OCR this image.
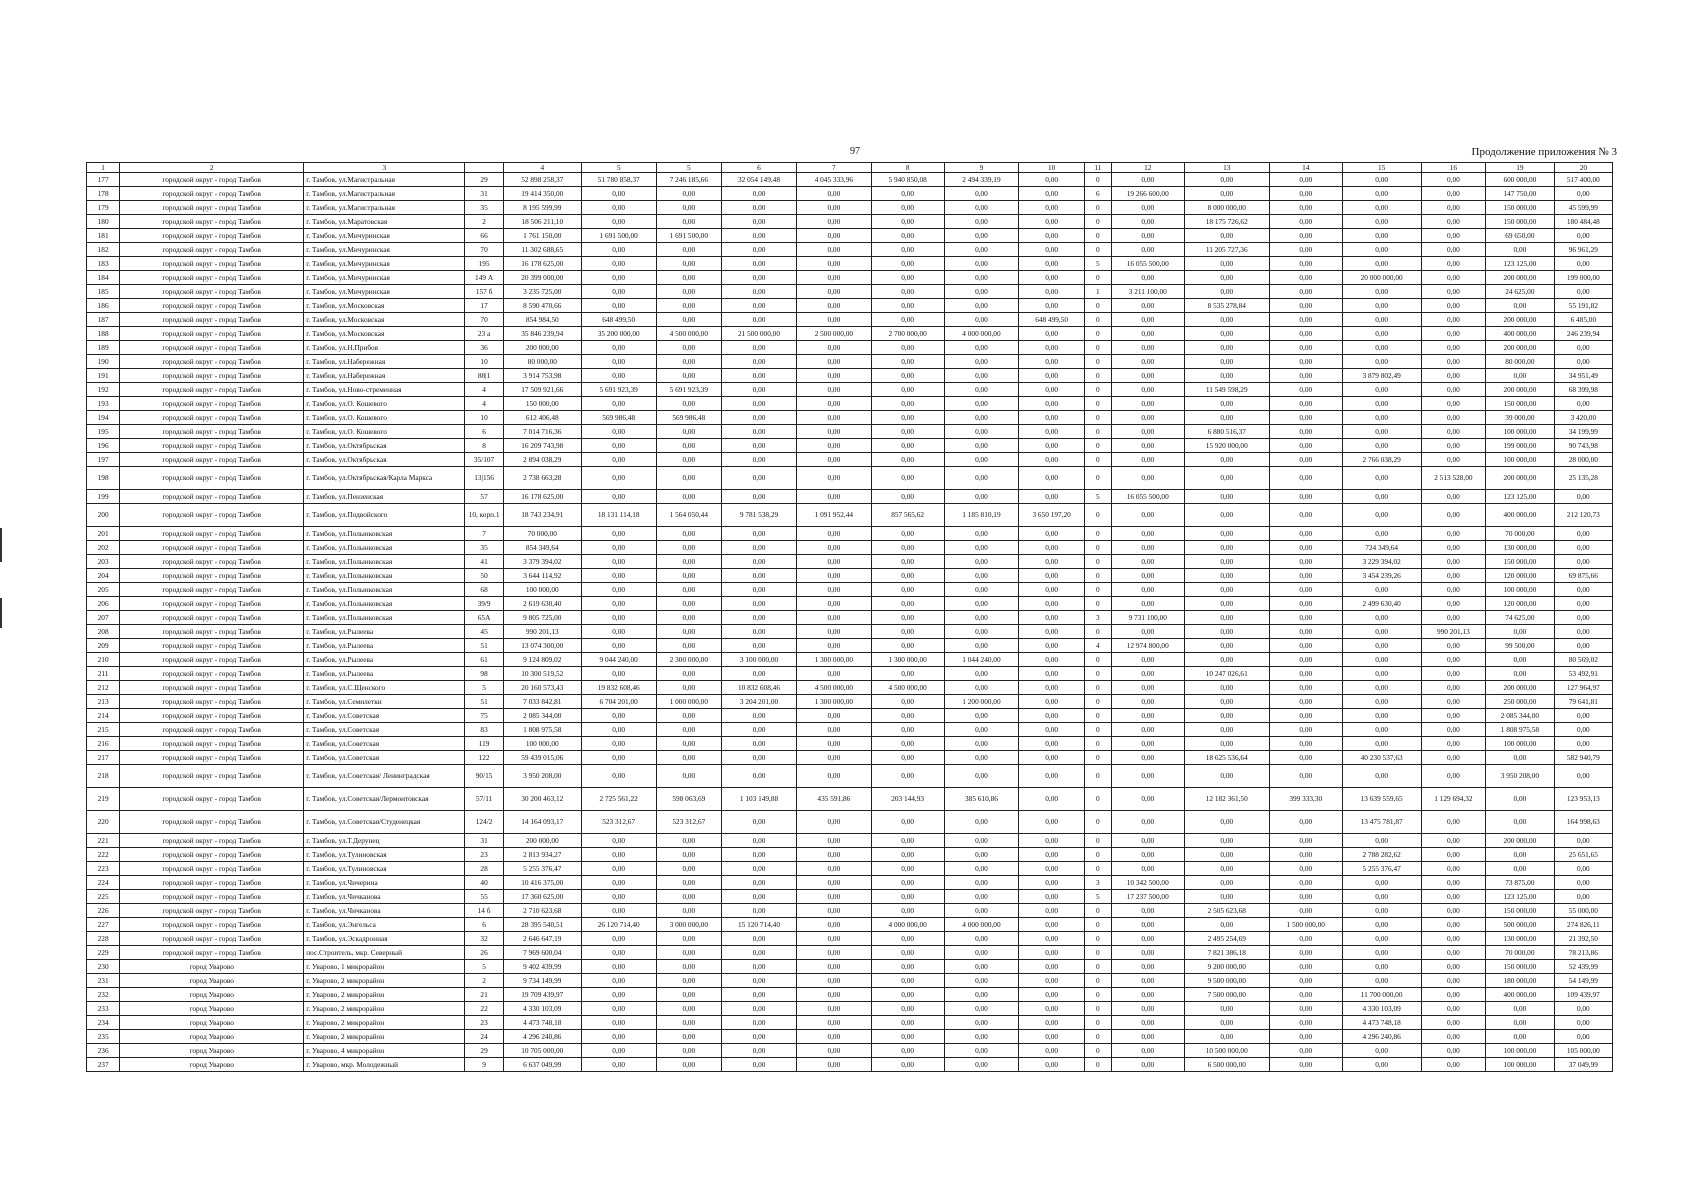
97	Продолжение приложения № 3
1	2	3		4	5	5	6	7	8	9	10	11	12	13	14	15	16	19	20
177	городской округ - город Тамбов	г. Тамбов, ул.Магистральная	29	52 898 258,37	51 780 858,37	7 246 185,66	32 054 149,48	4 045 333,96	5 940 850,08	2 494 339,19	0,00	0	0,00	0,00	0,00	0,00	0,00	600 000,00	517 400,00
178	городской округ - город Тамбов	г. Тамбов, ул.Магистральная	31	19 414 350,00	0,00	0,00	0,00	0,00	0,00	0,00	0,00	6	19 266 600,00	0,00	0,00	0,00	0,00	147 750,00	0,00
179	городской округ - город Тамбов	г. Тамбов, ул.Магистральная	35	8 195 599,99	0,00	0,00	0,00	0,00	0,00	0,00	0,00	0	0,00	8 000 000,00	0,00	0,00	0,00	150 000,00	45 599,99
180	городской округ - город Тамбов	г. Тамбов, ул.Маратовская	2	18 506 211,10	0,00	0,00	0,00	0,00	0,00	0,00	0,00	0	0,00	18 175 726,62	0,00	0,00	0,00	150 000,00	180 484,48
181	городской округ - город Тамбов	г. Тамбов, ул.Мичуринская	66	1 761 150,00	1 691 500,00	1 691 500,00	0,00	0,00	0,00	0,00	0,00	0	0,00	0,00	0,00	0,00	0,00	69 650,00	0,00
182	городской округ - город Тамбов	г. Тамбов, ул.Мичуринская	70	11 302 688,65	0,00	0,00	0,00	0,00	0,00	0,00	0,00	0	0,00	11 205 727,36	0,00	0,00	0,00	0,00	96 961,29
183	городской округ - город Тамбов	г. Тамбов, ул.Мичуринская	195	16 178 625,00	0,00	0,00	0,00	0,00	0,00	0,00	0,00	5	16 055 500,00	0,00	0,00	0,00	0,00	123 125,00	0,00
184	городской округ - город Тамбов	г. Тамбов, ул.Мичуринская	149 А	20 399 000,00	0,00	0,00	0,00	0,00	0,00	0,00	0,00	0	0,00	0,00	0,00	20 000 000,00	0,00	200 000,00	199 000,00
185	городской округ - город Тамбов	г. Тамбов, ул.Мичуринская	157 б	3 235 725,00	0,00	0,00	0,00	0,00	0,00	0,00	0,00	1	3 211 100,00	0,00	0,00	0,00	0,00	24 625,00	0,00
186	городской округ - город Тамбов	г. Тамбов, ул.Московская	17	8 590 470,66	0,00	0,00	0,00	0,00	0,00	0,00	0,00	0	0,00	8 535 278,84	0,00	0,00	0,00	0,00	55 191,82
187	городской округ - город Тамбов	г. Тамбов, ул.Московская	70	854 984,50	648 499,50	0,00	0,00	0,00	0,00	0,00	648 499,50	0	0,00	0,00	0,00	0,00	0,00	200 000,00	6 485,00
188	городской округ - город Тамбов	г. Тамбов, ул.Московская	23 а	35 846 239,94	35 200 000,00	4 500 000,00	21 500 000,00	2 500 000,00	2 700 000,00	4 000 000,00	0,00	0	0,00	0,00	0,00	0,00	0,00	400 000,00	246 239,94
189	городской округ - город Тамбов	г. Тамбов, ул.Н.Прибоя	36	200 000,00	0,00	0,00	0,00	0,00	0,00	0,00	0,00	0	0,00	0,00	0,00	0,00	0,00	200 000,00	0,00
190	городской округ - город Тамбов	г. Тамбов, ул.Набережная	10	80 000,00	0,00	0,00	0,00	0,00	0,00	0,00	0,00	0	0,00	0,00	0,00	0,00	0,00	80 000,00	0,00
191	городской округ - город Тамбов	г. Тамбов, ул.Набережная	88|1	3 914 753,98	0,00	0,00	0,00	0,00	0,00	0,00	0,00	0	0,00	0,00	0,00	3 879 802,49	0,00	0,00	34 951,49
192	городской округ - город Тамбов	г. Тамбов, ул.Ново-стременная	4	17 509 921,66	5 691 923,39	5 691 923,39	0,00	0,00	0,00	0,00	0,00	0	0,00	11 549 598,29	0,00	0,00	0,00	200 000,00	68 399,98
193	городской округ - город Тамбов	г. Тамбов, ул.О. Кошевого	4	150 000,00	0,00	0,00	0,00	0,00	0,00	0,00	0,00	0	0,00	0,00	0,00	0,00	0,00	150 000,00	0,00
194	городской округ - город Тамбов	г. Тамбов, ул.О. Кошевого	10	612 406,48	569 986,48	569 986,48	0,00	0,00	0,00	0,00	0,00	0	0,00	0,00	0,00	0,00	0,00	39 000,00	3 420,00
195	городской округ - город Тамбов	г. Тамбов, ул.О. Кошевого	6	7 014 716,36	0,00	0,00	0,00	0,00	0,00	0,00	0,00	0	0,00	6 880 516,37	0,00	0,00	0,00	100 000,00	34 199,99
196	городской округ - город Тамбов	г. Тамбов, ул.Октябрьская	8	16 209 743,98	0,00	0,00	0,00	0,00	0,00	0,00	0,00	0	0,00	15 920 000,00	0,00	0,00	0,00	199 000,00	90 743,98
197	городской округ - город Тамбов	г. Тамбов, ул.Октябрьская	35/107	2 894 038,29	0,00	0,00	0,00	0,00	0,00	0,00	0,00	0	0,00	0,00	0,00	2 766 038,29	0,00	100 000,00	28 000,00
198	городской округ - город Тамбов	г. Тамбов, ул.Октябрьская/Карла Маркса	13|156	2 738 663,28	0,00	0,00	0,00	0,00	0,00	0,00	0,00	0	0,00	0,00	0,00	0,00	2 513 528,00	200 000,00	25 135,28
199	городской округ - город Тамбов	г. Тамбов, ул.Пензенская	57	16 178 625,00	0,00	0,00	0,00	0,00	0,00	0,00	0,00	5	16 055 500,00	0,00	0,00	0,00	0,00	123 125,00	0,00
200	городской округ - город Тамбов	г. Тамбов, ул.Подвойского	10, корп.1	18 743 234,91	18 131 114,18	1 564 050,44	9 781 538,29	1 091 952,44	857 565,62	1 185 810,19	3 650 197,20	0	0,00	0,00	0,00	0,00	0,00	400 000,00	212 120,73
201	городской округ - город Тамбов	г. Тамбов, ул.Полынковская	7	70 000,00	0,00	0,00	0,00	0,00	0,00	0,00	0,00	0	0,00	0,00	0,00	0,00	0,00	70 000,00	0,00
202	городской округ - город Тамбов	г. Тамбов, ул.Полынковская	35	854 349,64	0,00	0,00	0,00	0,00	0,00	0,00	0,00	0	0,00	0,00	0,00	724 349,64	0,00	130 000,00	0,00
203	городской округ - город Тамбов	г. Тамбов, ул.Полынковская	41	3 379 394,02	0,00	0,00	0,00	0,00	0,00	0,00	0,00	0	0,00	0,00	0,00	3 229 394,02	0,00	150 000,00	0,00
204	городской округ - город Тамбов	г. Тамбов, ул.Полынковская	50	3 644 114,92	0,00	0,00	0,00	0,00	0,00	0,00	0,00	0	0,00	0,00	0,00	3 454 239,26	0,00	120 000,00	69 875,66
205	городской округ - город Тамбов	г. Тамбов, ул.Полынковская	68	100 000,00	0,00	0,00	0,00	0,00	0,00	0,00	0,00	0	0,00	0,00	0,00	0,00	0,00	100 000,00	0,00
206	городской округ - город Тамбов	г. Тамбов, ул.Полынковская	39/9	2 619 630,40	0,00	0,00	0,00	0,00	0,00	0,00	0,00	0	0,00	0,00	0,00	2 499 630,40	0,00	120 000,00	0,00
207	городской округ - город Тамбов	г. Тамбов, ул.Полынковская	65А	9 805 725,00	0,00	0,00	0,00	0,00	0,00	0,00	0,00	3	9 731 100,00	0,00	0,00	0,00	0,00	74 625,00	0,00
208	городской округ - город Тамбов	г. Тамбов, ул.Рылеева	45	990 201,13	0,00	0,00	0,00	0,00	0,00	0,00	0,00	0	0,00	0,00	0,00	0,00	990 201,13	0,00	0,00
209	городской округ - город Тамбов	г. Тамбов, ул.Рылеева	51	13 074 300,00	0,00	0,00	0,00	0,00	0,00	0,00	0,00	4	12 974 800,00	0,00	0,00	0,00	0,00	99 500,00	0,00
210	городской округ - город Тамбов	г. Тамбов, ул.Рылеева	61	9 124 809,02	9 044 240,00	2 300 000,00	3 100 000,00	1 300 000,00	1 300 000,00	1 044 240,00	0,00	0	0,00	0,00	0,00	0,00	0,00	0,00	80 569,02
211	городской округ - город Тамбов	г. Тамбов, ул.Рылеева	98	10 300 519,52	0,00	0,00	0,00	0,00	0,00	0,00	0,00	0	0,00	10 247 026,61	0,00	0,00	0,00	0,00	53 492,91
212	городской округ - город Тамбов	г. Тамбов, ул.С.Щенского	5	20 160 573,43	19 832 608,46	0,00	10 832 608,46	4 500 000,00	4 500 000,00	0,00	0,00	0	0,00	0,00	0,00	0,00	0,00	200 000,00	127 964,97
213	городской округ - город Тамбов	г. Тамбов, ул.Семилетки	51	7 033 842,81	6 704 201,00	1 000 000,00	3 204 201,00	1 300 000,00	0,00	1 200 000,00	0,00	0	0,00	0,00	0,00	0,00	0,00	250 000,00	79 641,81
214	городской округ - город Тамбов	г. Тамбов, ул.Советская	75	2 085 344,00	0,00	0,00	0,00	0,00	0,00	0,00	0,00	0	0,00	0,00	0,00	0,00	0,00	2 085 344,00	0,00
215	городской округ - город Тамбов	г. Тамбов, ул.Советская	83	1 808 975,58	0,00	0,00	0,00	0,00	0,00	0,00	0,00	0	0,00	0,00	0,00	0,00	0,00	1 808 975,58	0,00
216	городской округ - город Тамбов	г. Тамбов, ул.Советская	119	100 000,00	0,00	0,00	0,00	0,00	0,00	0,00	0,00	0	0,00	0,00	0,00	0,00	0,00	100 000,00	0,00
217	городской округ - город Тамбов	г. Тамбов, ул.Советская	122	59 439 015,06	0,00	0,00	0,00	0,00	0,00	0,00	0,00	0	0,00	18 625 536,64	0,00	40 230 537,63	0,00	0,00	582 940,79
218	городской округ - город Тамбов	г. Тамбов, ул.Советская/ Ленинградская	90/15	3 950 208,00	0,00	0,00	0,00	0,00	0,00	0,00	0,00	0	0,00	0,00	0,00	0,00	0,00	3 950 208,00	0,00
219	городской округ - город Тамбов	г. Тамбов, ул.Советская/Лермонтовская	57/11	30 200 463,12	2 725 561,22	598 063,69	1 103 149,88	435 591,86	203 144,93	385 610,86	0,00	0	0,00	12 182 361,50	399 333,30	13 639 559,65	1 129 694,32	0,00	123 953,13
220	городской округ - город Тамбов	г. Тамбов, ул.Советская/Студенецкая	124/2	14 164 093,17	523 312,67	523 312,67	0,00	0,00	0,00	0,00	0,00	0	0,00	0,00	0,00	13 475 781,87	0,00	0,00	164 998,63
221	городской округ - город Тамбов	г. Тамбов, ул.Т.Дерунец	31	200 000,00	0,00	0,00	0,00	0,00	0,00	0,00	0,00	0	0,00	0,00	0,00	0,00	0,00	200 000,00	0,00
222	городской округ - город Тамбов	г. Тамбов, ул.Тулиновская	23	2 813 934,27	0,00	0,00	0,00	0,00	0,00	0,00	0,00	0	0,00	0,00	0,00	2 788 282,62	0,00	0,00	25 651,65
223	городской округ - город Тамбов	г. Тамбов, ул.Тулиновская	28	5 255 376,47	0,00	0,00	0,00	0,00	0,00	0,00	0,00	0	0,00	0,00	0,00	5 255 376,47	0,00	0,00	0,00
224	городской округ - город Тамбов	г. Тамбов, ул.Чичерина	40	10 416 375,00	0,00	0,00	0,00	0,00	0,00	0,00	0,00	3	10 342 500,00	0,00	0,00	0,00	0,00	73 875,00	0,00
225	городской округ - город Тамбов	г. Тамбов, ул.Чичканова	55	17 360 625,00	0,00	0,00	0,00	0,00	0,00	0,00	0,00	5	17 237 500,00	0,00	0,00	0,00	0,00	123 125,00	0,00
226	городской округ - город Тамбов	г. Тамбов, ул.Чичканова	14 б	2 710 623,68	0,00	0,00	0,00	0,00	0,00	0,00	0,00	0	0,00	2 505 623,68	0,00	0,00	0,00	150 000,00	55 000,00
227	городской округ - город Тамбов	г. Тамбов, ул.Энгельса	6	28 395 540,51	26 120 714,40	3 000 000,00	15 120 714,40	0,00	4 000 000,00	4 000 000,00	0,00	0	0,00	0,00	1 500 000,00	0,00	0,00	500 000,00	274 826,11
228	городской округ - город Тамбов	г. Тамбов, ул.Эскадронная	32	2 646 647,19	0,00	0,00	0,00	0,00	0,00	0,00	0,00	0	0,00	2 495 254,69	0,00	0,00	0,00	130 000,00	21 392,50
229	городской округ - город Тамбов	пос.Строитель, мкр. Северный	26	7 969 600,04	0,00	0,00	0,00	0,00	0,00	0,00	0,00	0	0,00	7 821 386,18	0,00	0,00	0,00	70 000,00	78 213,86
230	город Уварово	г. Уварово, 1 микрорайон	5	9 402 439,99	0,00	0,00	0,00	0,00	0,00	0,00	0,00	0	0,00	9 200 000,00	0,00	0,00	0,00	150 000,00	52 439,99
231	город Уварово	г. Уварово, 2 микрорайон	2	9 734 149,99	0,00	0,00	0,00	0,00	0,00	0,00	0,00	0	0,00	9 500 000,00	0,00	0,00	0,00	180 000,00	54 149,99
232	город Уварово	г. Уварово, 2 микрорайон	21	19 709 439,97	0,00	0,00	0,00	0,00	0,00	0,00	0,00	0	0,00	7 500 000,00	0,00	11 700 000,00	0,00	400 000,00	109 439,97
233	город Уварово	г. Уварово, 2 микрорайон	22	4 330 103,09	0,00	0,00	0,00	0,00	0,00	0,00	0,00	0	0,00	0,00	0,00	4 330 103,09	0,00	0,00	0,00
234	город Уварово	г. Уварово, 2 микрорайон	23	4 473 748,18	0,00	0,00	0,00	0,00	0,00	0,00	0,00	0	0,00	0,00	0,00	4 473 748,18	0,00	0,00	0,00
235	город Уварово	г. Уварово, 2 микрорайон	24	4 296 240,86	0,00	0,00	0,00	0,00	0,00	0,00	0,00	0	0,00	0,00	0,00	4 296 240,86	0,00	0,00	0,00
236	город Уварово	г. Уварово, 4 микрорайон	29	10 705 000,00	0,00	0,00	0,00	0,00	0,00	0,00	0,00	0	0,00	10 500 000,00	0,00	0,00	0,00	100 000,00	105 000,00
237	город Уварово	г. Уварово, мкр. Молодежный	9	6 637 049,99	0,00	0,00	0,00	0,00	0,00	0,00	0,00	0	0,00	6 500 000,00	0,00	0,00	0,00	100 000,00	37 049,99
